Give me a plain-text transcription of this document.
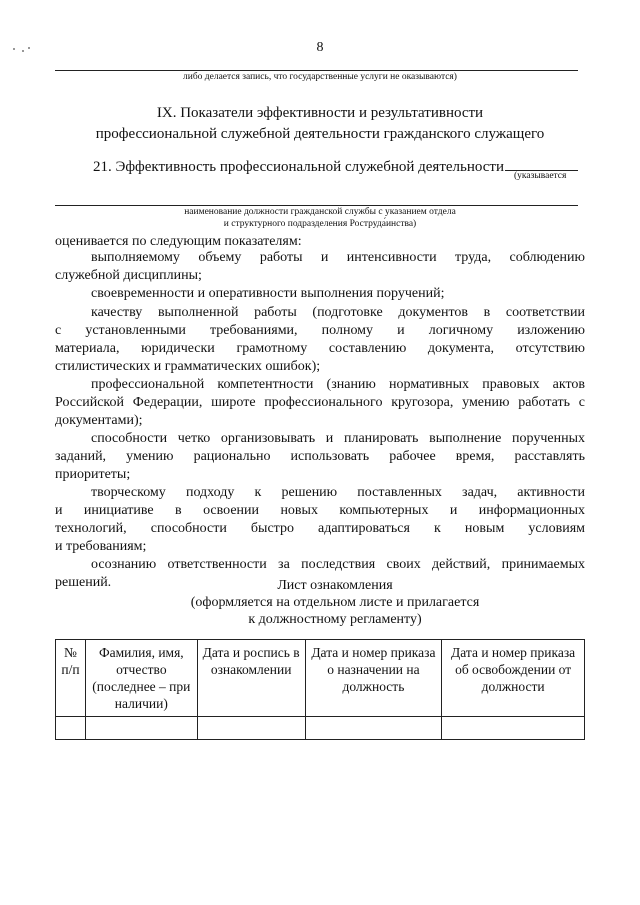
8
либо делается запись, что государственные услуги не оказываются)
IX. Показатели эффективности и результативности
профессиональной служебной деятельности гражданского служащего
21. Эффективность профессиональной служебной деятельности
(указывается
наименование должности гражданской службы с указанием отдела
и структурного подразделения Роструда́инства)
оценивается по следующим показателям:
выполняемому объему работы и интенсивности труда, соблюдению
служебной дисциплины;
своевременности и оперативности выполнения поручений;
качеству выполненной работы (подготовке документов в соответствии
с установленными требованиями, полному и логичному изложению
материала, юридически грамотному составлению документа, отсутствию
стилистических и грамматических ошибок);
профессиональной компетентности (знанию нормативных правовых актов
Российской Федерации, широте профессионального кругозора, умению работать с
документами);
способности четко организовывать и планировать выполнение порученных
заданий, умению рационально использовать рабочее время, расставлять
приоритеты;
творческому подходу к решению поставленных задач, активности
и инициативе в освоении новых компьютерных и информационных
технологий, способности быстро адаптироваться к новым условиям
и требованиям;
осознанию ответственности за последствия своих действий, принимаемых
решений.	Лист ознакомления
(оформляется на отдельном листе и прилагается
к должностному регламенту)
№ п/п	Фамилия, имя, отчество (последнее – при наличии)	Дата и роспись в ознакомлении	Дата и номер приказа о назначении на должность	Дата и номер приказа об освобождении от должности
